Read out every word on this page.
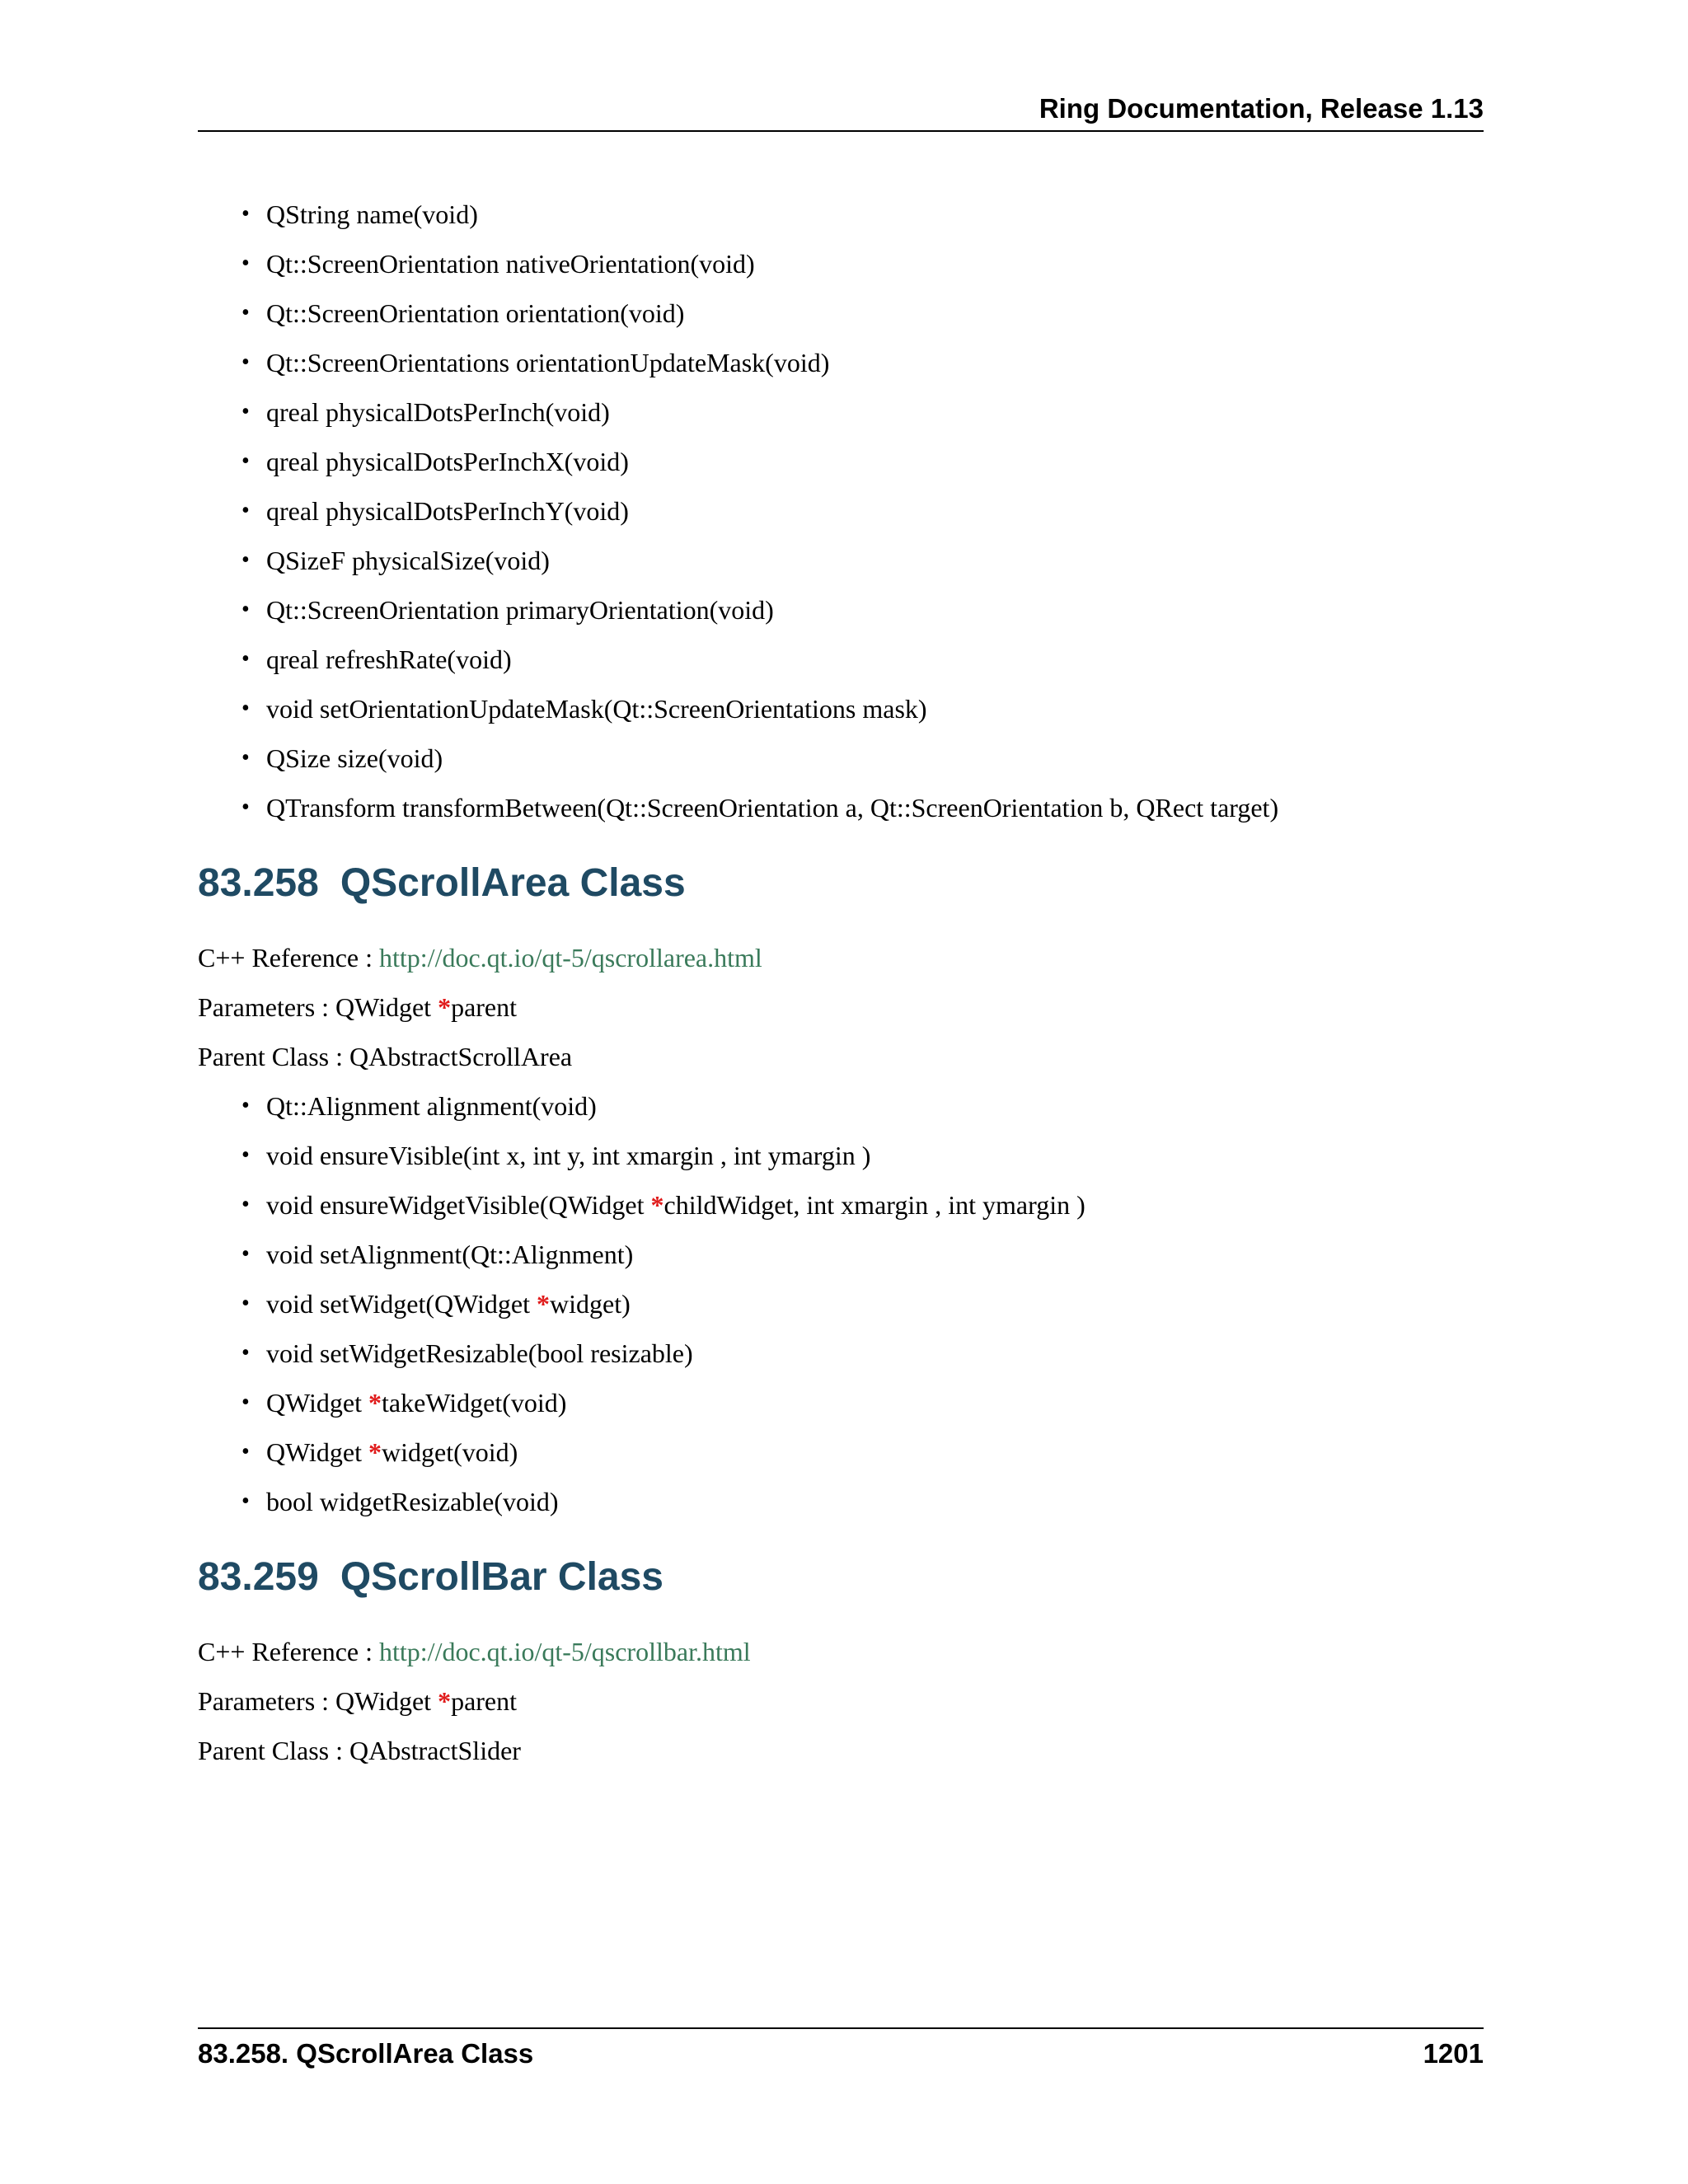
Ring Documentation, Release 1.13
• QString name(void)
• Qt::ScreenOrientation nativeOrientation(void)
• Qt::ScreenOrientation orientation(void)
• Qt::ScreenOrientations orientationUpdateMask(void)
• qreal physicalDotsPerInch(void)
• qreal physicalDotsPerInchX(void)
• qreal physicalDotsPerInchY(void)
• QSizeF physicalSize(void)
• Qt::ScreenOrientation primaryOrientation(void)
• qreal refreshRate(void)
• void setOrientationUpdateMask(Qt::ScreenOrientations mask)
• QSize size(void)
• QTransform transformBetween(Qt::ScreenOrientation a, Qt::ScreenOrientation b, QRect target)
83.258 QScrollArea Class
C++ Reference : http://doc.qt.io/qt-5/qscrollarea.html
Parameters : QWidget *parent
Parent Class : QAbstractScrollArea
• Qt::Alignment alignment(void)
• void ensureVisible(int x, int y, int xmargin , int ymargin )
• void ensureWidgetVisible(QWidget *childWidget, int xmargin , int ymargin )
• void setAlignment(Qt::Alignment)
• void setWidget(QWidget *widget)
• void setWidgetResizable(bool resizable)
• QWidget *takeWidget(void)
• QWidget *widget(void)
• bool widgetResizable(void)
83.259 QScrollBar Class
C++ Reference : http://doc.qt.io/qt-5/qscrollbar.html
Parameters : QWidget *parent
Parent Class : QAbstractSlider
83.258. QScrollArea Class	1201
